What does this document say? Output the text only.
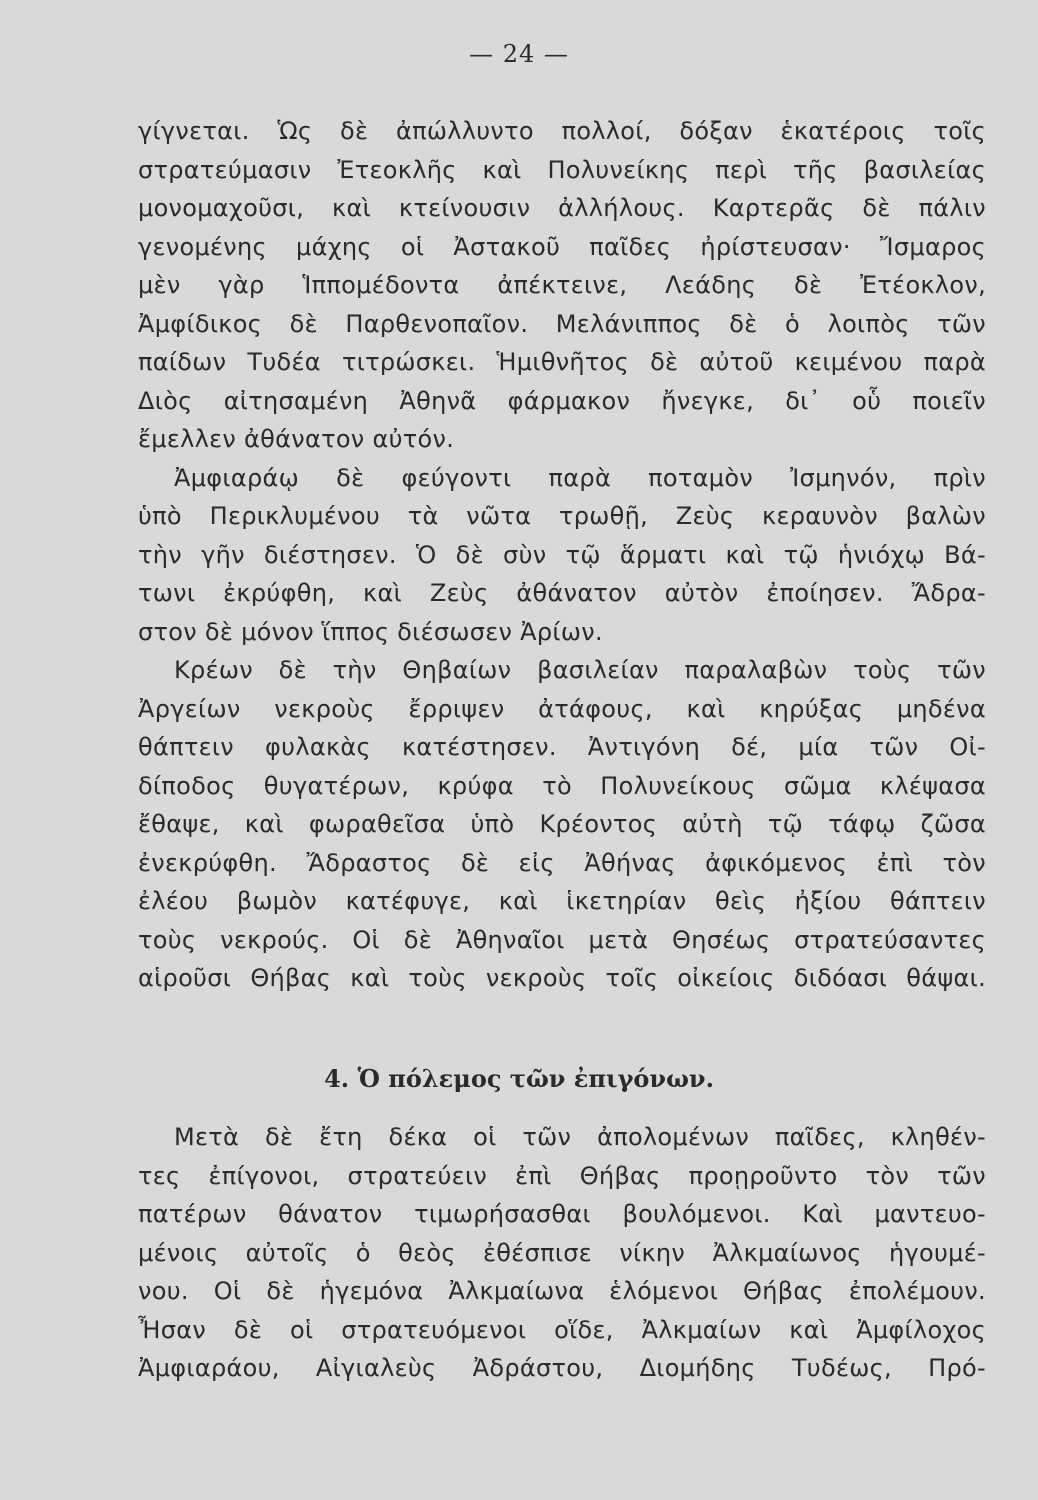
— 24 —
γίγνεται. Ὡς δὲ ἀπώλλυντο πολλοί, δόξαν ἑκατέροις τοῖς
στρατεύμασιν Ἐτεοκλῆς καὶ Πολυνείκης περὶ τῆς βασιλείας
μονομαχοῦσι, καὶ κτείνουσιν ἀλλήλους. Καρτερᾶς δὲ πάλιν
γενομένης μάχης οἱ Ἀστακοῦ παῖδες ἠρίστευσαν· Ἴσμαρος
μὲν γὰρ Ἱππομέδοντα ἀπέκτεινε, Λεάδης δὲ Ἐτέοκλον,
Ἀμφίδικος δὲ Παρθενοπαῖον. Μελάνιππος δὲ ὁ λοιπὸς τῶν
παίδων Τυδέα τιτρώσκει. Ἡμιθνῆτος δὲ αὐτοῦ κειμένου παρὰ
Διὸς αἰτησαμένη Ἀθηνᾶ φάρμακον ἤνεγκε, δι᾽ οὗ ποιεῖν
ἔμελλεν ἀθάνατον αὐτόν.
Ἀμφιαράῳ δὲ φεύγοντι παρὰ ποταμὸν Ἰσμηνόν, πρὶν
ὑπὸ Περικλυμένου τὰ νῶτα τρωθῇ, Ζεὺς κεραυνὸν βαλὼν
τὴν γῆν διέστησεν. Ὁ δὲ σὺν τῷ ἅρματι καὶ τῷ ἡνιόχῳ Βά-
τωνι ἐκρύφθη, καὶ Ζεὺς ἀθάνατον αὐτὸν ἐποίησεν. Ἄδρα-
στον δὲ μόνον ἵππος διέσωσεν Ἀρίων.
Κρέων δὲ τὴν Θηβαίων βασιλείαν παραλαβὼν τοὺς τῶν
Ἀργείων νεκροὺς ἔρριψεν ἀτάφους, καὶ κηρύξας μηδένα
θάπτειν φυλακὰς κατέστησεν. Ἀντιγόνη δέ, μία τῶν Οἰ-
δίποδος θυγατέρων, κρύφα τὸ Πολυνείκους σῶμα κλέψασα
ἔθαψε, καὶ φωραθεῖσα ὑπὸ Κρέοντος αὐτὴ τῷ τάφῳ ζῶσα
ἐνεκρύφθη. Ἄδραστος δὲ εἰς Ἀθήνας ἀφικόμενος ἐπὶ τὸν
ἐλέου βωμὸν κατέφυγε, καὶ ἱκετηρίαν θεὶς ἠξίου θάπτειν
τοὺς νεκρούς. Οἱ δὲ Ἀθηναῖοι μετὰ Θησέως στρατεύσαντες
αἱροῦσι Θήβας καὶ τοὺς νεκροὺς τοῖς οἰκείοις διδόασι θάψαι.
4. Ὁ πόλεμος τῶν ἐπιγόνων.
Μετὰ δὲ ἔτη δέκα οἱ τῶν ἀπολομένων παῖδες, κληθέν-
τες ἐπίγονοι, στρατεύειν ἐπὶ Θήβας προῃροῦντο τὸν τῶν
πατέρων θάνατον τιμωρήσασθαι βουλόμενοι. Καὶ μαντευο-
μένοις αὐτοῖς ὁ θεὸς ἐθέσπισε νίκην Ἀλκμαίωνος ἡγουμέ-
νου. Οἱ δὲ ἡγεμόνα Ἀλκμαίωνα ἑλόμενοι Θήβας ἐπολέμουν.
Ἦσαν δὲ οἱ στρατευόμενοι οἵδε, Ἀλκμαίων καὶ Ἀμφίλοχος
Ἀμφιαράου, Αἰγιαλεὺς Ἀδράστου, Διομήδης Τυδέως, Πρό-
